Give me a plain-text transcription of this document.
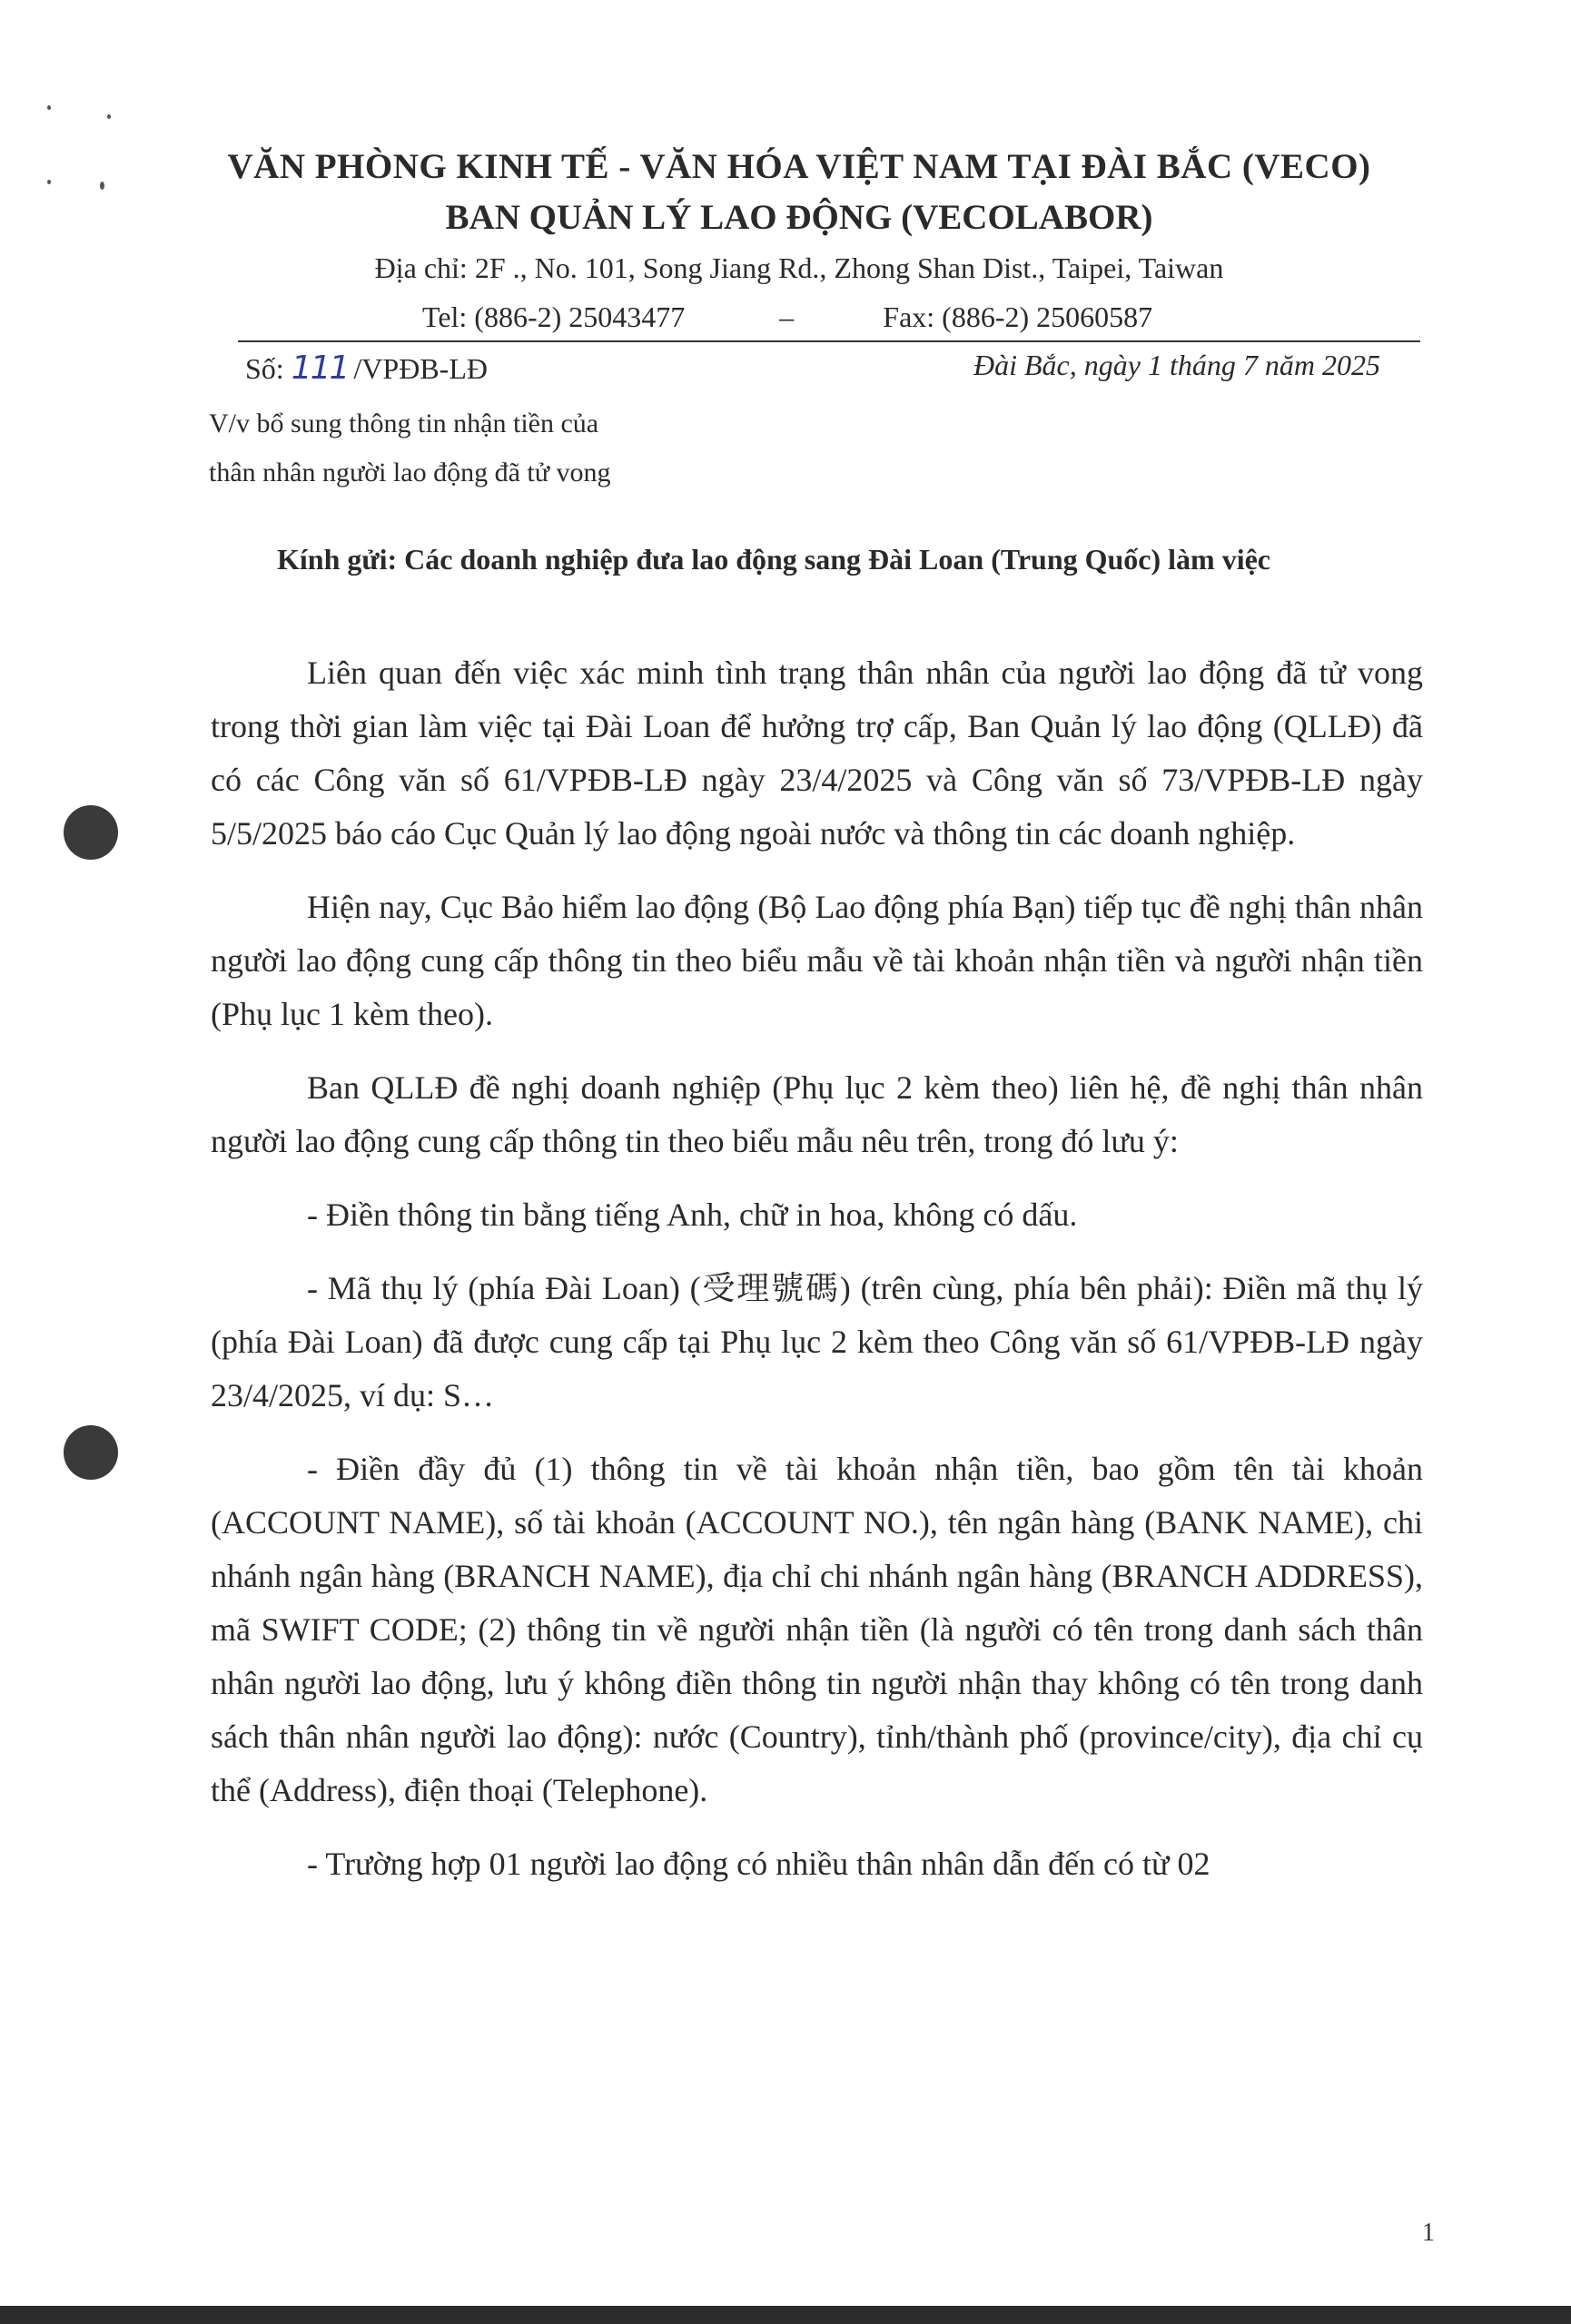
VĂN PHÒNG KINH TẾ - VĂN HÓA VIỆT NAM TẠI ĐÀI BẮC (VECO)
BAN QUẢN LÝ LAO ĐỘNG (VECOLABOR)
Địa chỉ: 2F ., No. 101, Song Jiang Rd., Zhong Shan Dist., Taipei, Taiwan
Tel: (886-2) 25043477	–	Fax: (886-2) 25060587
Số: 111 /VPĐB-LĐ	Đài Bắc, ngày 1 tháng 7 năm 2025
V/v bổ sung thông tin nhận tiền của
thân nhân người lao động đã tử vong
Kính gửi: Các doanh nghiệp đưa lao động sang Đài Loan (Trung Quốc) làm việc

Liên quan đến việc xác minh tình trạng thân nhân của người lao động đã tử vong trong thời gian làm việc tại Đài Loan để hưởng trợ cấp, Ban Quản lý lao động (QLLĐ) đã có các Công văn số 61/VPĐB-LĐ ngày 23/4/2025 và Công văn số 73/VPĐB-LĐ ngày 5/5/2025 báo cáo Cục Quản lý lao động ngoài nước và thông tin các doanh nghiệp.

Hiện nay, Cục Bảo hiểm lao động (Bộ Lao động phía Bạn) tiếp tục đề nghị thân nhân người lao động cung cấp thông tin theo biểu mẫu về tài khoản nhận tiền và người nhận tiền (Phụ lục 1 kèm theo).

Ban QLLĐ đề nghị doanh nghiệp (Phụ lục 2 kèm theo) liên hệ, đề nghị thân nhân người lao động cung cấp thông tin theo biểu mẫu nêu trên, trong đó lưu ý:

- Điền thông tin bằng tiếng Anh, chữ in hoa, không có dấu.

- Mã thụ lý (phía Đài Loan) (受理號碼) (trên cùng, phía bên phải): Điền mã thụ lý (phía Đài Loan) đã được cung cấp tại Phụ lục 2 kèm theo Công văn số 61/VPĐB-LĐ ngày 23/4/2025, ví dụ: S…

- Điền đầy đủ (1) thông tin về tài khoản nhận tiền, bao gồm tên tài khoản (ACCOUNT NAME), số tài khoản (ACCOUNT NO.), tên ngân hàng (BANK NAME), chi nhánh ngân hàng (BRANCH NAME), địa chỉ chi nhánh ngân hàng (BRANCH ADDRESS), mã SWIFT CODE; (2) thông tin về người nhận tiền (là người có tên trong danh sách thân nhân người lao động, lưu ý không điền thông tin người nhận thay không có tên trong danh sách thân nhân người lao động): nước (Country), tỉnh/thành phố (province/city), địa chỉ cụ thể (Address), điện thoại (Telephone).

- Trường hợp 01 người lao động có nhiều thân nhân dẫn đến có từ 02

1
